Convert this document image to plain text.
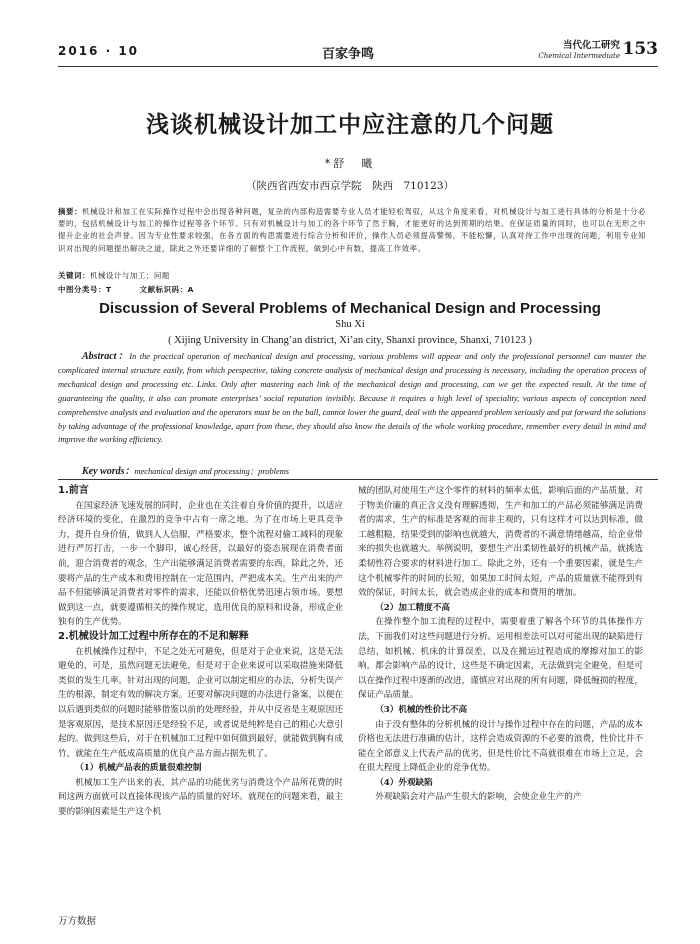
2016 · 10	百家争鸣
当代化工研究
Chemical Intermediate 153
浅谈机械设计加工中应注意的几个问题
*舒　曦
（陕西省西安市西京学院　陕西　710123）
摘要：机械设计和加工在实际操作过程中会出现各种问题，复杂的内部构造需要专业人员才能轻松驾驭，从这个角度来看，对机械设计与加工进行具体的分析是十分必要的，包括机械设计与加工的操作过程等各个环节。只有对机械设计与加工的各个环节了然于胸，才能更好的达到预期的结果。在保证质量的同时，也可以在无形之中提升企业的社会声誉。因为专业性要求较强，在各方面的构思需要进行综合分析和评价，操作人员必须提高警惕，不能松懈，认真对待工作中出现的问题，利用专业知识对出现的问题提出解决之道，除此之外还要详细的了解整个工作流程，做到心中有数，提高工作效率。
关键词：机械设计与加工；问题
中图分类号：T	文献标识码：A
Discussion of Several Problems of Mechanical Design and Processing
Shu Xi
( Xijing University in Chang’an district, Xi’an city, Shanxi province, Shanxi, 710123 )
Abstract：In the practical operation of mechanical design and processing, various problems will appear and only the professional personnel can master the complicated internal structure easily, from which perspective, taking concrete analysis of mechanical design and processing is necessary, including the operation process of mechanical design and processing etc. Links. Only after mastering each link of the mechanical design and processing, can we get the expected result. At the time of guaranteeing the quality, it also can promote enterprises’ social reputation invisibly. Because it requires a high level of speciality, various aspects of conception need comprehensive analysis and evaluation and the operators must be on the ball, cannot lower the guard, deal with the appeared problem seriously and put forward the solutions by taking advantage of the professional knowledge, apart from these, they should also know the details of the whole working procedure, remember every detail in mind and improve the working efficiency.
Key words：mechanical design and processing；problems
1.前言

在国家经济飞速发展的同时，企业也在关注着自身价值的提升，以适应经济环境的变化，在激烈的竞争中占有一席之地。为了在市场上更具竞争力，提升自身价值，做到人人信服，严格要求，整个流程对偷工减料的现象进行严厉打击，一步一个脚印，诚心经营，以最好的姿态展现在消费者面前，迎合消费者的观念，生产出能够满足消费者需要的东西，除此之外，还要将产品的生产成本和费用控制在一定范围内，严把成本关。生产出来的产品不但能够满足消费者对零件的需求，还能以价格优势迅速占领市场。要想做到这一点，就要遵循相关的操作规定，选用优良的原料和设备，形成企业独有的生产优势。

2.机械设计加工过程中所存在的不足和解释

在机械操作过程中，不足之处无可避免，但是对于企业来说，这是无法避免的，可是，虽然问题无法避免，但是对于企业来说可以采取措施来降低类似的发生几率。针对出现的问题，企业可以制定相应的办法，分析失误产生的根源，制定有效的解决方案。还要对解决问题的办法进行备案，以便在以后遇到类似的问题时能够借鉴以前的处理经验，并从中反省是主观原因还是客观原因，是技术原因还是经验不足，或者说是纯粹是自己的粗心大意引起的。做到这些后，对于在机械加工过程中如何做到最好，就能做到胸有成竹，就能在生产低成高质量的优良产品方面占据先机了。

（1）机械产品表的质量很难控制

机械加工生产出来的表，其产品的功能优劣与消费这个产品所花费的时间这两方面就可以直接体现该产品的质量的好坏。就现在的问题来看，最主要的影响因素是生产这个机

械的团队对使用生产这个零件的材料的频率太低，影响后面的产品质量，对于物美价廉的真正含义没有理解透彻，生产和加工的产品必须能够满足消费者的需求，生产的标准是客观的而非主观的，只有这样才可以达到标准，做工越粗糙，结果受到的影响也就越大，消费者的不满意情绪越高，给企业带来的损失也就越大。举例说明，要想生产出柔韧性最好的机械产品，就挑选柔韧性符合要求的材料进行加工。除此之外，还有一个重要因素，就是生产这个机械零件的时间的长短，如果加工时间太短，产品的质量就不能得到有效的保证，时间太长，就会造成企业的成本和费用的增加。

（2）加工精度不高

在操作整个加工流程的过程中，需要着重了解各个环节的具体操作方法，下面我们对这些问题进行分析。运用相差法可以对可能出现的缺陷进行总结，如机械、机床的计算误差，以及在搬运过程造成的摩擦对加工的影响，都会影响产品的设计，这些是不确定因素，无法做到完全避免，但是可以在操作过程中逐渐的改进，谨慎应对出现的所有问题，降低缠损的程度，保证产品质量。

（3）机械的性价比不高

由于没有整体的分析机械的设计与操作过程中存在的问题，产品的成本价格也无法进行准确的估计，这样会造成资源的不必要的浪费，性价比并不能在全部意义上代表产品的优劣，但是性价比不高就很难在市场上立足，会在很大程度上降低企业的竞争优势。

（4）外观缺陷

外观缺陷会对产品产生很大的影响，会使企业生产的产

万方数据
